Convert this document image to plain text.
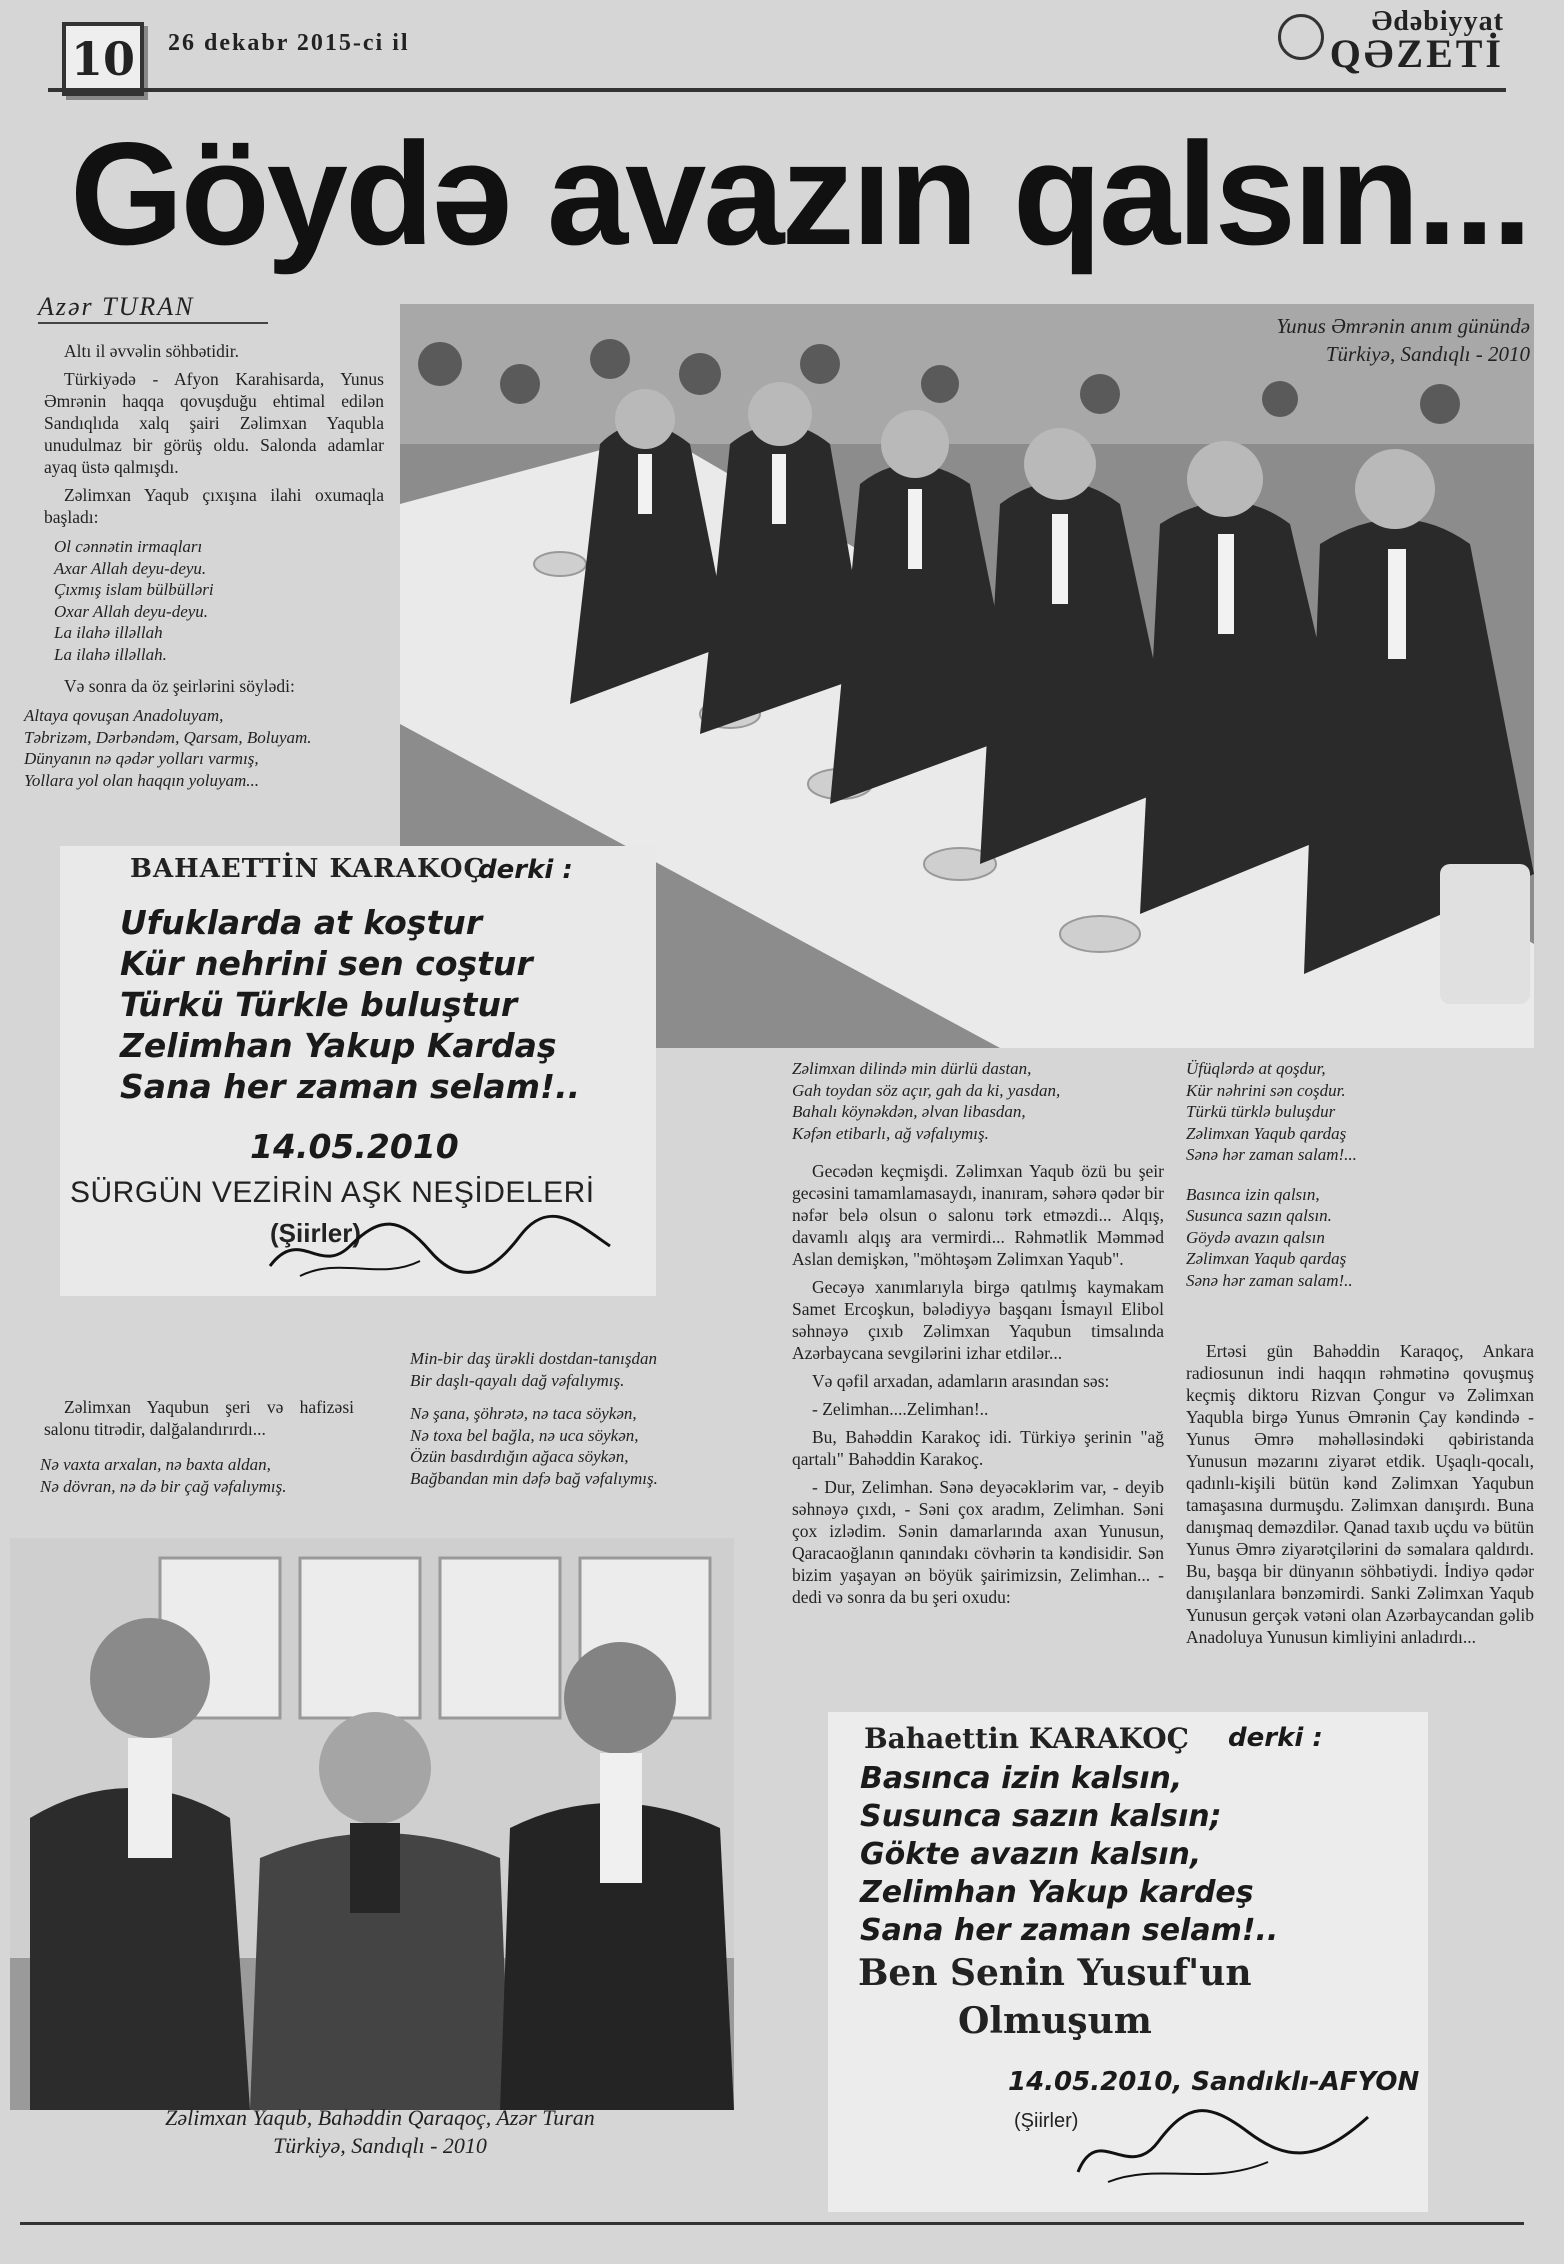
10	26 dekabr 2015-ci il
Ədəbiyyat
QƏZETİ
Göydə avazın qalsın...
Azər TURAN

Altı il əvvəlin söhbətidir.

Türkiyədə - Afyon Karahisarda, Yunus Əmrənin haqqa qovuşduğu ehtimal edilən Sandıqlıda xalq şairi Zəlimxan Yaqubla unudulmaz bir görüş oldu. Salonda adamlar ayaq üstə qalmışdı.

Zəlimxan Yaqub çıxışına ilahi oxumaqla başladı:

Ol cənnətin irmaqları
Axar Allah deyu-deyu.
Çıxmış islam bülbülləri
Oxar Allah deyu-deyu.
La ilahə illəllah
La ilahə illəllah.

Və sonra da öz şeirlərini söylədi:

Altaya qovuşan Anadoluyam,
Təbrizəm, Dərbəndəm, Qarsam, Boluyam.
Dünyanın nə qədər yolları varmış,
Yollara yol olan haqqın yoluyam...
Yunus Əmrənin anım günündə
Türkiyə, Sandıqlı - 2010
BAHAETTİN KARAKOÇ
derki :
Ufuklarda at koştur
Kür nehrini sen coştur
Türkü Türkle buluştur
Zelimhan Yakup Kardaş
Sana her zaman selam!..
14.05.2010
SÜRGÜN VEZİRİN AŞK NEŞİDELERİ
(Şiirler)

Zəlimxan Yaqubun şeri və hafizəsi salonu titrədir, dalğalandırırdı...

Nə vaxta arxalan, nə baxta aldan,
Nə dövran, nə də bir çağ vəfalıymış.
Min-bir daş ürəkli dostdan-tanışdan
Bir daşlı-qayalı dağ vəfalıymış.
Nə şana, şöhrətə, nə taca söykən,
Nə toxa bel bağla, nə uca söykən,
Özün basdırdığın ağaca söykən,
Bağbandan min dəfə bağ vəfalıymış.
Zəlimxan dilində min dürlü dastan,
Gah toydan söz açır, gah da ki, yasdan,
Bahalı köynəkdən, əlvan libasdan,
Kəfən etibarlı, ağ vəfalıymış.

Gecədən keçmişdi. Zəlimxan Yaqub özü bu şeir gecəsini tamamlamasaydı, inanıram, səhərə qədər bir nəfər belə olsun o salonu tərk etməzdi... Alqış, davamlı alqış ara vermirdi... Rəhmətlik Məmməd Aslan demişkən, "möhtəşəm Zəlimxan Yaqub".

Gecəyə xanımlarıyla birgə qatılmış kaymakam Samet Ercoşkun, bələdiyyə başqanı İsmayıl Elibol səhnəyə çıxıb Zəlimxan Yaqubun timsalında Azərbaycana sevgilərini izhar etdilər...

Və qəfil arxadan, adamların arasından səs:

- Zelimhan....Zelimhan!..

Bu, Bahəddin Karakoç idi. Türkiyə şerinin "ağ qartalı" Bahəddin Karakoç.

- Dur, Zelimhan. Sənə deyəcəklərim var, - deyib səhnəyə çıxdı, - Səni çox aradım, Zelimhan. Səni çox izlədim. Sənin damarlarında axan Yunusun, Qaracaoğlanın qanındakı cövhərin ta kəndisidir. Sən bizim yaşayan ən böyük şairimizsin, Zelimhan... - dedi və sonra da bu şeri oxudu:

Üfüqlərdə at qoşdur,
Kür nəhrini sən coşdur.
Türkü türklə buluşdur
Zəlimxan Yaqub qardaş
Sənə hər zaman salam!...
Basınca izin qalsın,
Susunca sazın qalsın.
Göydə avazın qalsın
Zəlimxan Yaqub qardaş
Sənə hər zaman salam!..

Ertəsi gün Bahəddin Karaqoç, Ankara radiosunun indi haqqın rəhmətinə qovuşmuş keçmiş diktoru Rizvan Çongur və Zəlimxan Yaqubla birgə Yunus Əmrənin Çay kəndində - Yunus Əmrə məhəlləsindəki qəbiristanda Yunusun məzarını ziyarət etdik. Uşaqlı-qocalı, qadınlı-kişili bütün kənd Zəlimxan Yaqubun tamaşasına durmuşdu. Zəlimxan danışırdı. Buna danışmaq deməzdilər. Qanad taxıb uçdu və bütün Yunus Əmrə ziyarətçilərini də səmalara qaldırdı. Bu, başqa bir dünyanın söhbətiydi. İndiyə qədər danışılanlara bənzəmirdi. Sanki Zəlimxan Yaqub Yunusun gerçək vətəni olan Azərbaycandan gəlib Anadoluya Yunusun kimliyini anladırdı...

Zəlimxan Yaqub, Bahəddin Qaraqoç, Azər Turan
Türkiyə, Sandıqlı - 2010
Bahaettin KARAKOÇ derki :
Basınca izin kalsın,
Susunca sazın kalsın;
Gökte avazın kalsın,
Zelimhan Yakup kardeş
Sana her zaman selam!..
Ben Senin Yusuf'un
Olmuşum
14.05.2010, Sandıklı-AFYON
(Şiirler)
